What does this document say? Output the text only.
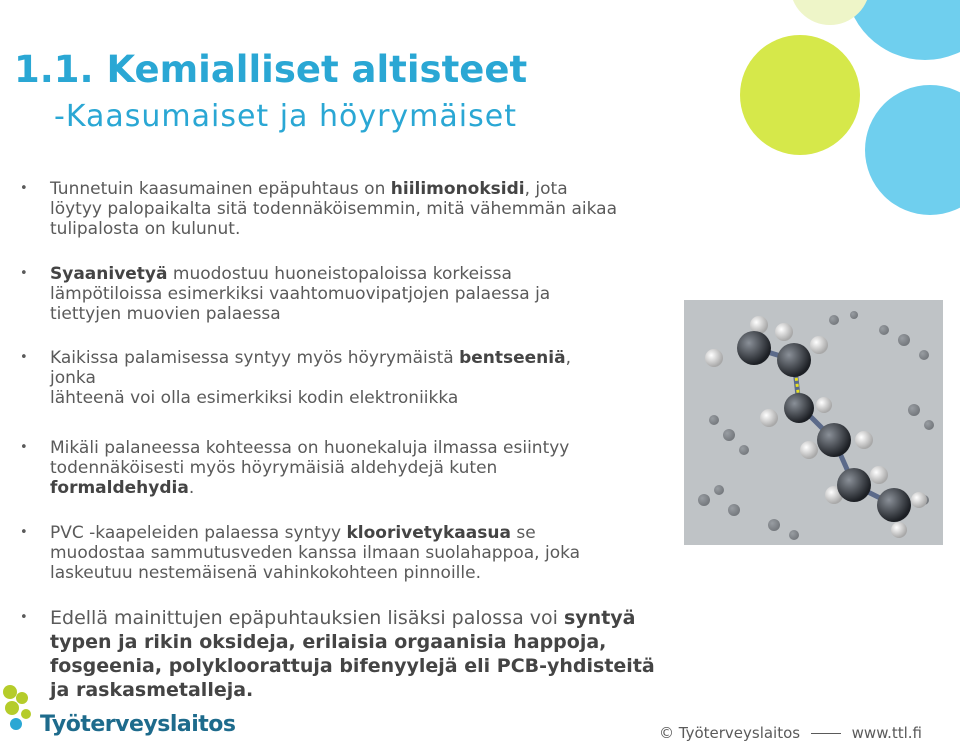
1.1. Kemialliset altisteet
-Kaasumaiset ja höyrymäiset
• Tunnetuin kaasumainen epäpuhtaus on hiilimonoksidi, jota
löytyy palopaikalta sitä todennäköisemmin, mitä vähemmän aikaa
tulipalosta on kulunut.
• Syaanivetyä muodostuu huoneistopaloissa korkeissa
lämpötiloissa esimerkiksi vaahtomuovipatjojen palaessa ja
tiettyjen muovien palaessa
• Kaikissa palamisessa syntyy myös höyrymäistä bentseeniä,
jonka
lähteenä voi olla esimerkiksi kodin elektroniikka
• Mikäli palaneessa kohteessa on huonekaluja ilmassa esiintyy
todennäköisesti myös höyrymäisiä aldehydejä kuten
formaldehydia.
• PVC -kaapeleiden palaessa syntyy kloorivetykaasua se
muodostaa sammutusveden kanssa ilmaan suolahappoa, joka
laskeutuu nestemäisenä vahinkokohteen pinnoille.
• Edellä mainittujen epäpuhtauksien lisäksi palossa voi syntyä
typen ja rikin oksideja, erilaisia orgaanisia happoja,
fosgeenia, polykloorattuja bifenyylejä eli PCB-yhdisteitä
ja raskasmetalleja.
Työterveyslaitos	© Työterveyslaitos	www.ttl.fi
